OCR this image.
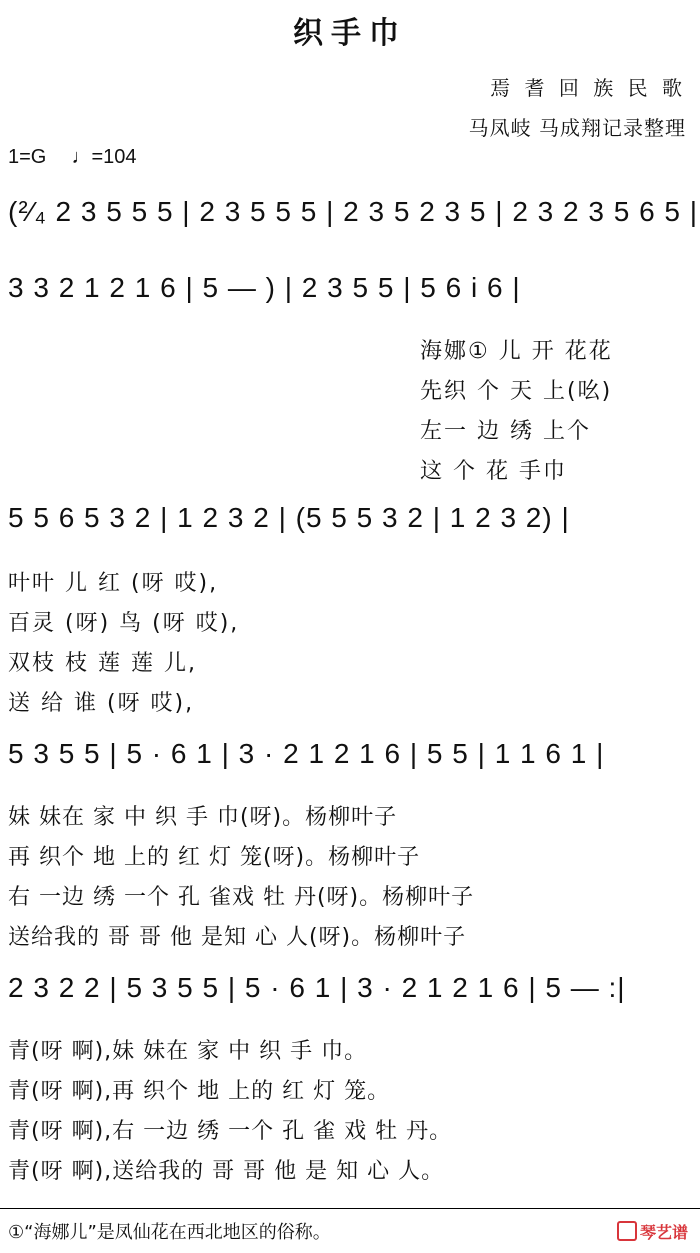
织手巾
焉 耆 回 族 民 歌
马凤岐 马成翔记录整理
1=G ♩=104
(²⁄₄ 2 3 5 5 5 | 2 3 5 5 5 | 2 3 5 2 3 5 | 2 3 2 3 5 6 5 |
3 3 2 1 2 1 6 | 5 — ) | 2 3 5 5 | 5 6 i 6 |
海娜① 儿 开 花花
先织 个 天 上(吆)
左一 边 绣 上个
这 个 花 手巾
5 5 6 5 3 2 | 1 2 3 2 | (5 5 5 3 2 | 1 2 3 2) |
叶叶 儿 红 (呀 哎),
百灵 (呀) 鸟 (呀 哎),
双枝 枝 莲 莲 儿,
送 给 谁 (呀 哎),
5 3 5 5 | 5 · 6 1 | 3 · 2 1 2 1 6 | 5 5 | 1 1 6 1 |
妹 妹在 家 中 织 手 巾(呀)。杨柳叶子
再 织个 地 上的 红 灯 笼(呀)。杨柳叶子
右 一边 绣 一个 孔 雀戏 牡 丹(呀)。杨柳叶子
送给我的 哥 哥 他 是知 心 人(呀)。杨柳叶子
2 3 2 2 | 5 3 5 5 | 5 · 6 1 | 3 · 2 1 2 1 6 | 5 — :|
青(呀 啊),妹 妹在 家 中 织 手 巾。
青(呀 啊),再 织个 地 上的 红 灯 笼。
青(呀 啊),右 一边 绣 一个 孔 雀 戏 牡 丹。
青(呀 啊),送给我的 哥 哥 他 是 知 心 人。
①“海娜儿”是凤仙花在西北地区的俗称。	琴艺谱
